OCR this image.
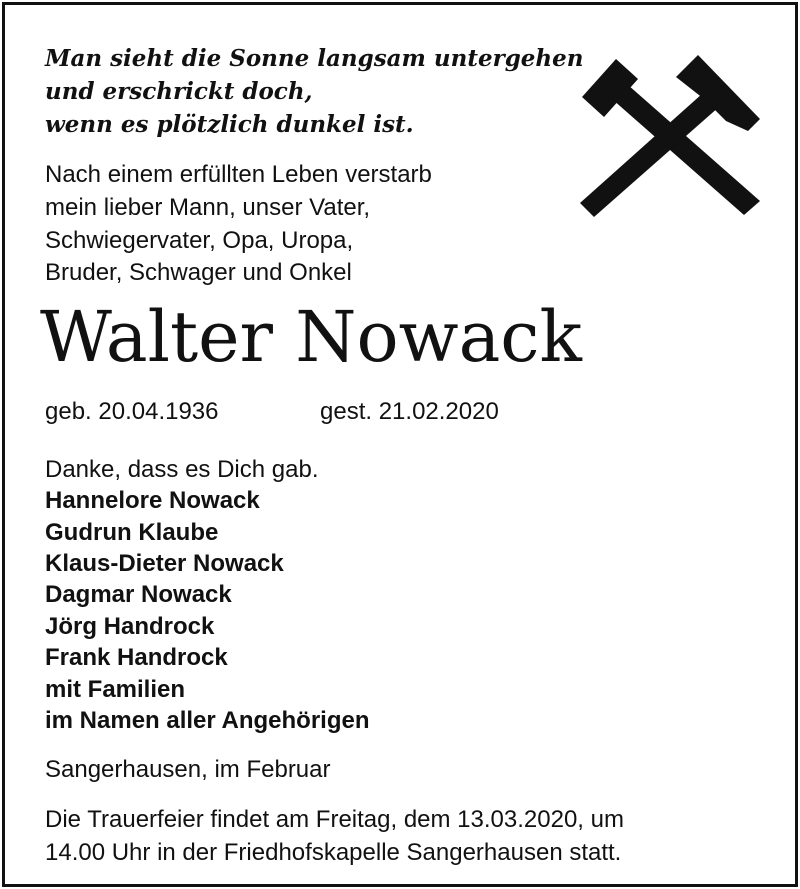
Man sieht die Sonne langsam untergehen
und erschrickt doch,
wenn es plötzlich dunkel ist.
Nach einem erfüllten Leben verstarb
mein lieber Mann, unser Vater,
Schwiegervater, Opa, Uropa,
Bruder, Schwager und Onkel
Walter Nowack
geb. 20.04.1936	gest. 21.02.2020
Danke, dass es Dich gab.
Hannelore Nowack
Gudrun Klaube
Klaus-Dieter Nowack
Dagmar Nowack
Jörg Handrock
Frank Handrock
mit Familien
im Namen aller Angehörigen
Sangerhausen, im Februar
Die Trauerfeier findet am Freitag, dem 13.03.2020, um
14.00 Uhr in der Friedhofskapelle Sangerhausen statt.
